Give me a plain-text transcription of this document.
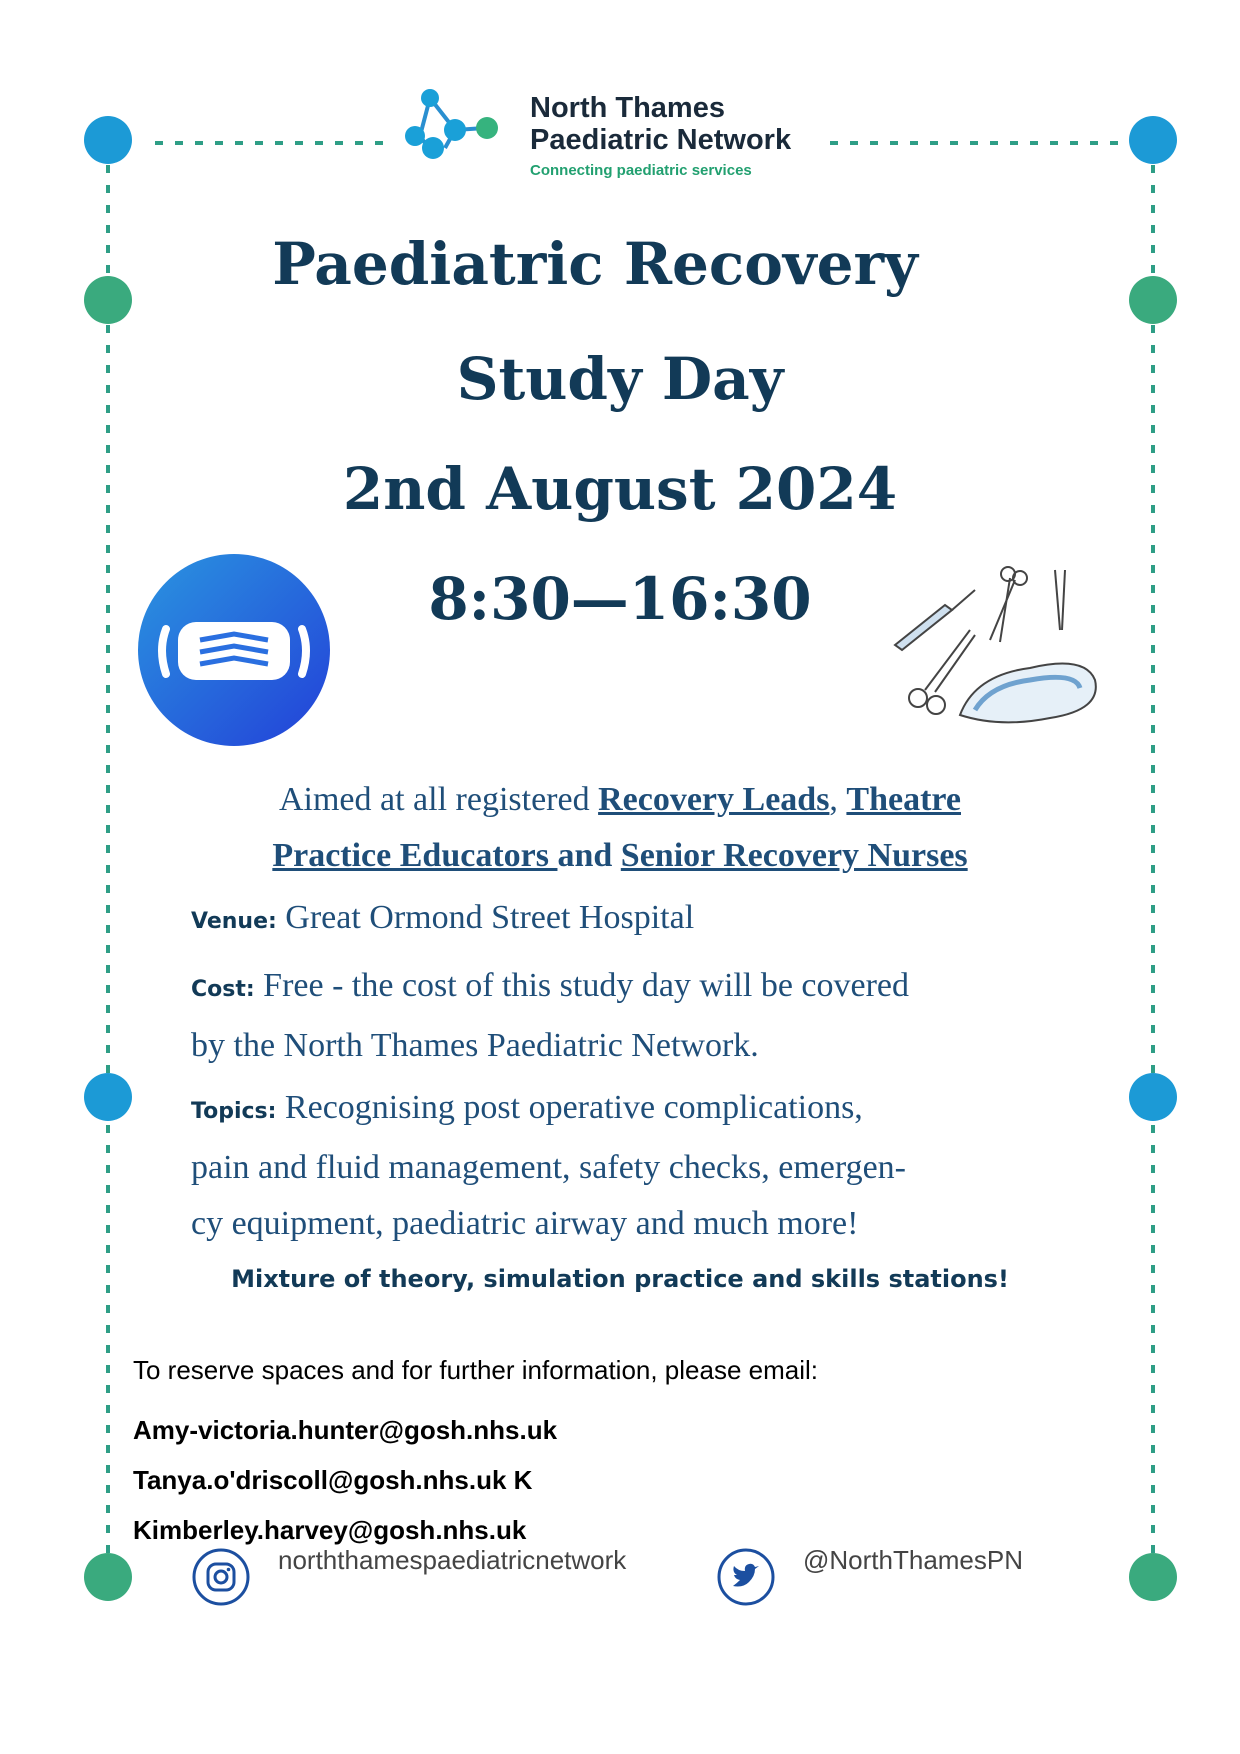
North Thames
Paediatric Network
Connecting paediatric services
Paediatric Recovery
Study Day
2nd August 2024
8:30—16:30
Aimed at all registered Recovery Leads, Theatre
Practice Educators and Senior Recovery Nurses
Venue: Great Ormond Street Hospital
Cost: Free - the cost of this study day will be covered
by the North Thames Paediatric Network.
Topics: Recognising post operative complications,
pain and fluid management, safety checks, emergen-
cy equipment, paediatric airway and much more!
Mixture of theory, simulation practice and skills stations!
To reserve spaces and for further information, please email:
Amy-victoria.hunter@gosh.nhs.uk
Tanya.o'driscoll@gosh.nhs.uk K
Kimberley.harvey@gosh.nhs.uk
norththamespaediatricnetwork	@NorthThamesPN
